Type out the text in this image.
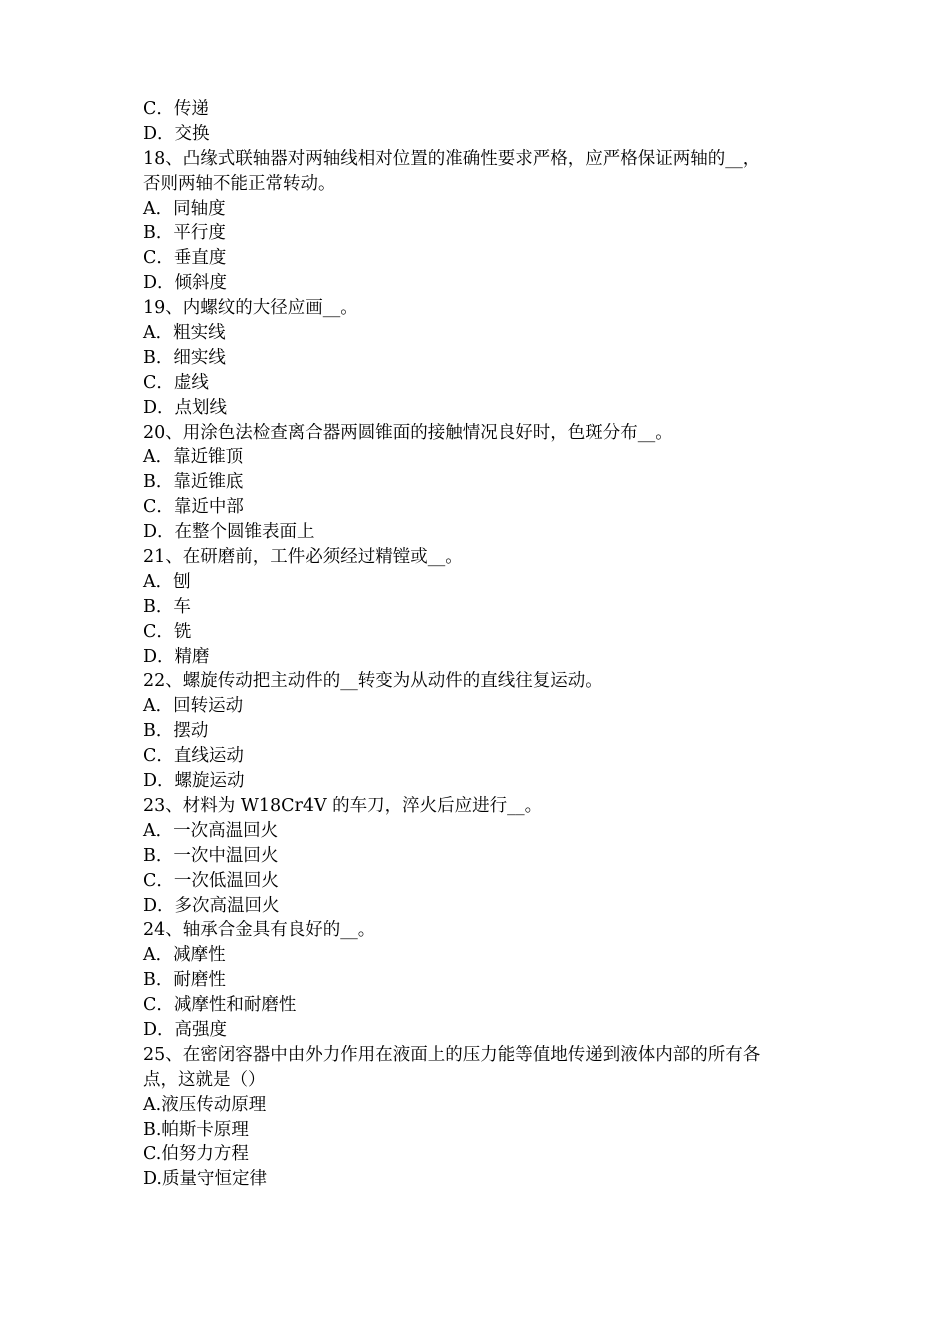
C．传递
D．交换
18、凸缘式联轴器对两轴线相对位置的准确性要求严格，应严格保证两轴的__，
否则两轴不能正常转动。
A．同轴度
B．平行度
C．垂直度
D．倾斜度
19、内螺纹的大径应画__。
A．粗实线
B．细实线
C．虚线
D．点划线
20、用涂色法检查离合器两圆锥面的接触情况良好时，色斑分布__。
A．靠近锥顶
B．靠近锥底
C．靠近中部
D．在整个圆锥表面上
21、在研磨前，工件必须经过精镗或__。
A．刨
B．车
C．铣
D．精磨
22、螺旋传动把主动件的__转变为从动件的直线往复运动。
A．回转运动
B．摆动
C．直线运动
D．螺旋运动
23、材料为 W18Cr4V 的车刀，淬火后应进行__。
A．一次高温回火
B．一次中温回火
C．一次低温回火
D．多次高温回火
24、轴承合金具有良好的__。
A．减摩性
B．耐磨性
C．减摩性和耐磨性
D．高强度
25、在密闭容器中由外力作用在液面上的压力能等值地传递到液体内部的所有各
点，这就是（）
A.液压传动原理
B.帕斯卡原理
C.伯努力方程
D.质量守恒定律
